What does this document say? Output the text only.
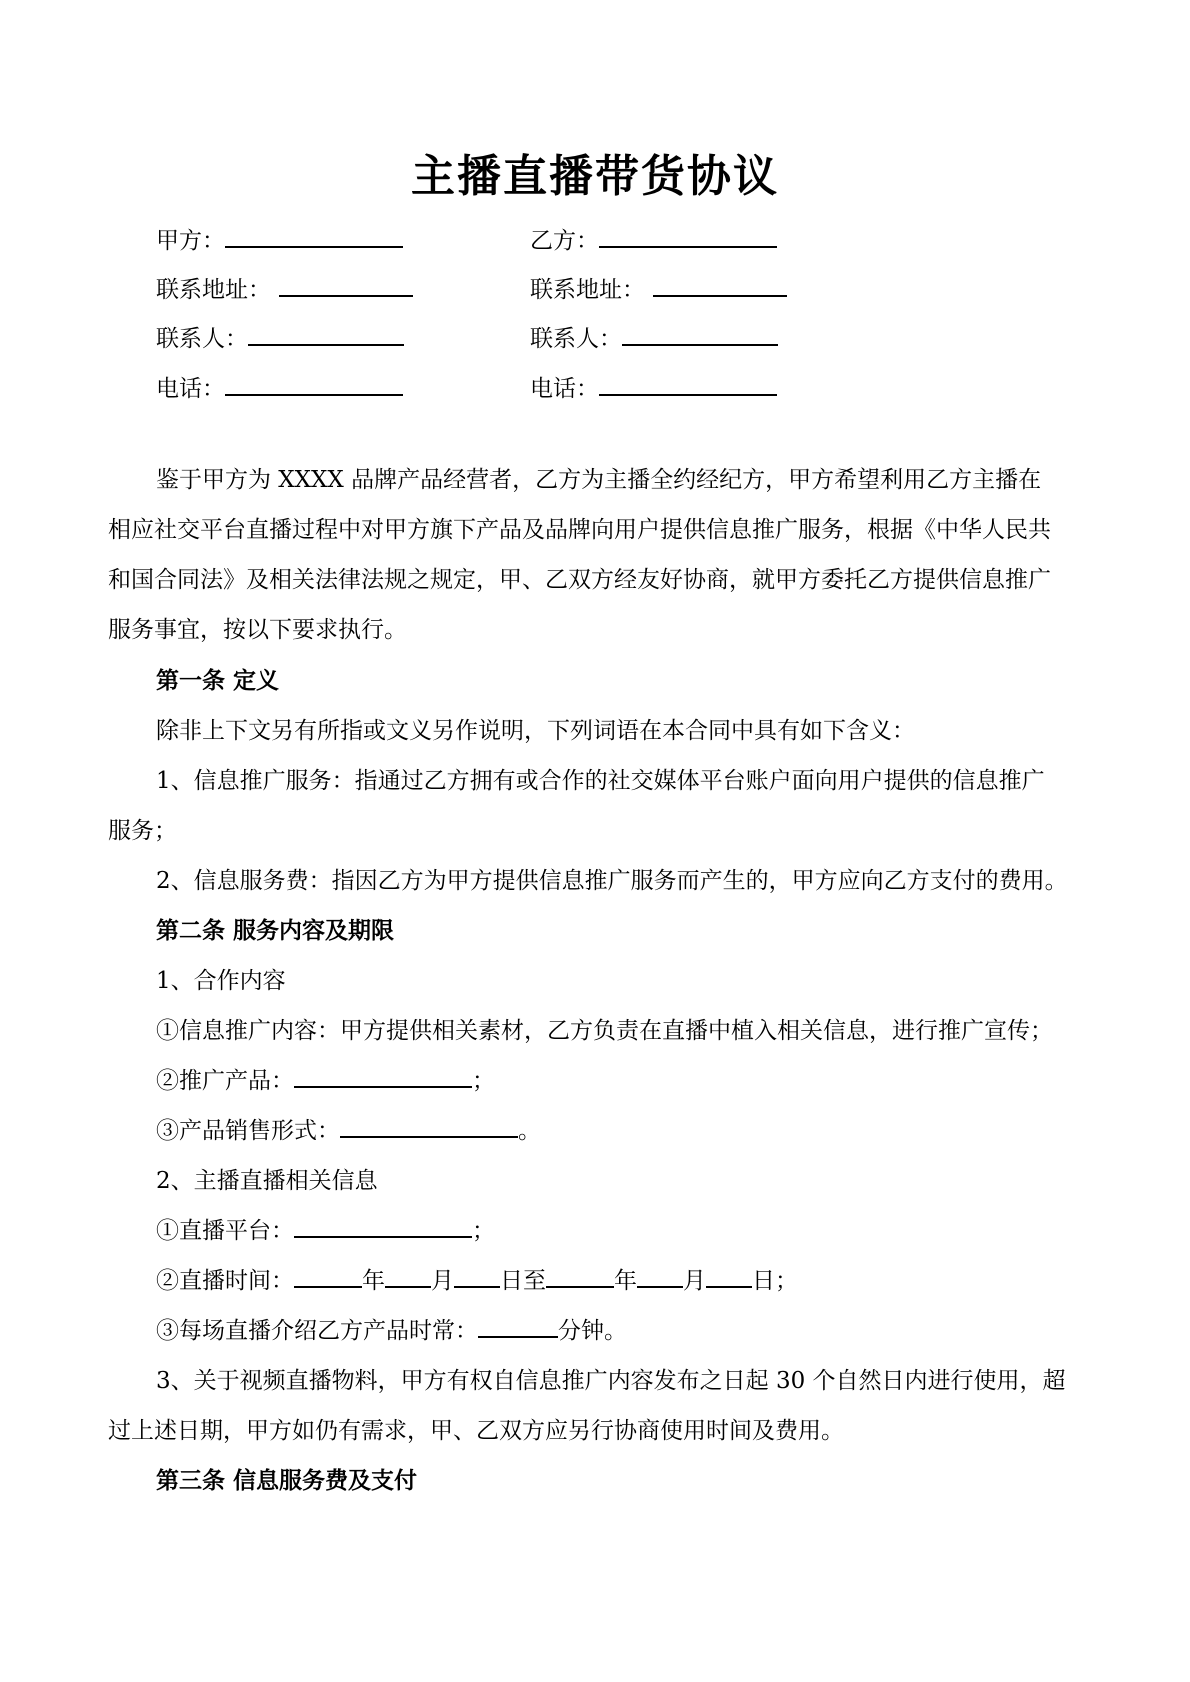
主播直播带货协议
甲方：	乙方：
联系地址：	联系地址：
联系人：	联系人：
电话：	电话：
鉴于甲方为 XXXX 品牌产品经营者，乙方为主播全约经纪方，甲方希望利用乙方主播在
相应社交平台直播过程中对甲方旗下产品及品牌向用户提供信息推广服务，根据《中华人民共
和国合同法》及相关法律法规之规定，甲、乙双方经友好协商，就甲方委托乙方提供信息推广
服务事宜，按以下要求执行。
第一条 定义
除非上下文另有所指或文义另作说明，下列词语在本合同中具有如下含义：
1、信息推广服务：指通过乙方拥有或合作的社交媒体平台账户面向用户提供的信息推广
服务；
2、信息服务费：指因乙方为甲方提供信息推广服务而产生的，甲方应向乙方支付的费用。
第二条 服务内容及期限
1、合作内容
①信息推广内容：甲方提供相关素材，乙方负责在直播中植入相关信息，进行推广宣传；
②推广产品：	；
③产品销售形式：	。
2、主播直播相关信息
①直播平台：	；
②直播时间：	年 月 日至	年 月 日；
③每场直播介绍乙方产品时常：	分钟。
3、关于视频直播物料，甲方有权自信息推广内容发布之日起 30 个自然日内进行使用，超
过上述日期，甲方如仍有需求，甲、乙双方应另行协商使用时间及费用。
第三条 信息服务费及支付
